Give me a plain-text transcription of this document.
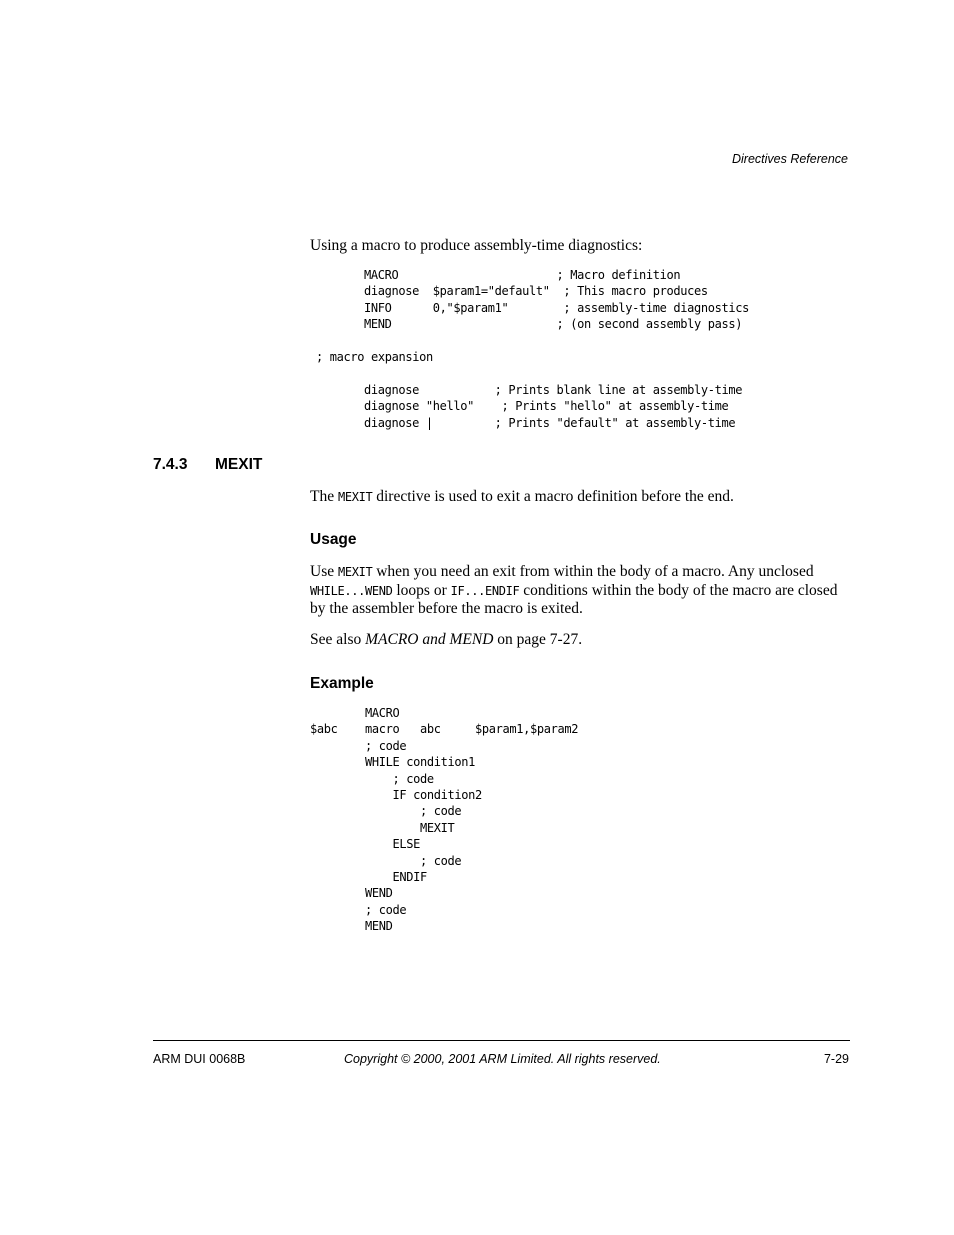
Directives Reference
Using a macro to produce assembly-time diagnostics:
MACRO                       ; Macro definition
diagnose  $param1="default"  ; This macro produces
INFO      0,"$param1"        ; assembly-time diagnostics
MEND                        ; (on second assembly pass)
; macro expansion
diagnose           ; Prints blank line at assembly-time
diagnose "hello"    ; Prints "hello" at assembly-time
diagnose |         ; Prints "default" at assembly-time
7.4.3 MEXIT
The MEXIT directive is used to exit a macro definition before the end.
Usage
Use MEXIT when you need an exit from within the body of a macro. Any unclosed WHILE...WEND loops or IF...ENDIF conditions within the body of the macro are closed by the assembler before the macro is exited.
See also MACRO and MEND on page 7-27.
Example
MACRO
$abc    macro   abc     $param1,$param2
; code
WHILE condition1
; code
IF condition2
; code
MEXIT
ELSE
; code
ENDIF
WEND
; code
MEND
ARM DUI 0068B	Copyright © 2000, 2001 ARM Limited. All rights reserved.	7-29
